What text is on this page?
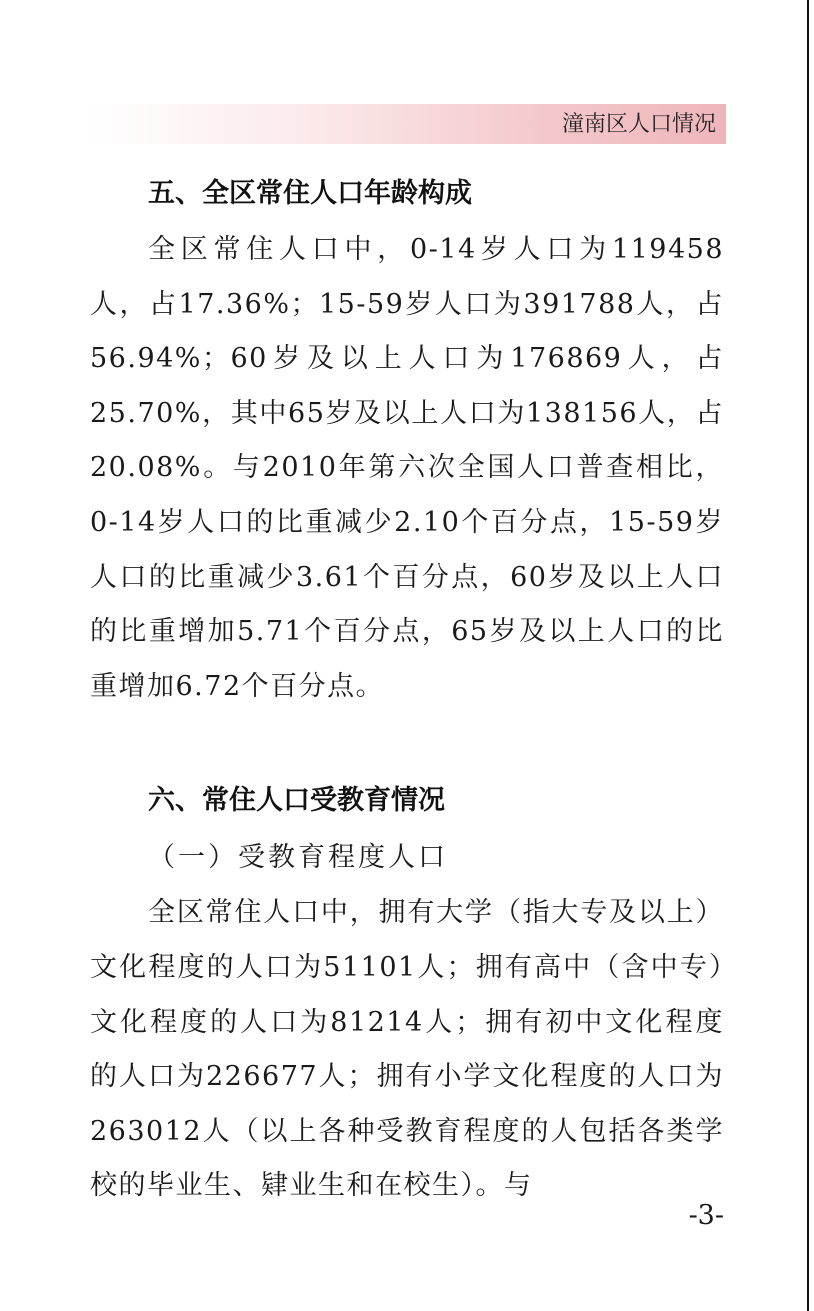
潼南区人口情况
五、全区常住人口年龄构成

全区常住人口中，0-14岁人口为119458人，占17.36%；15-59岁人口为391788人，占56.94%；60岁及以上人口为176869人，占25.70%，其中65岁及以上人口为138156人，占20.08%。与2010年第六次全国人口普查相比，0-14岁人口的比重减少2.10个百分点，15-59岁人口的比重减少3.61个百分点，60岁及以上人口的比重增加5.71个百分点，65岁及以上人口的比重增加6.72个百分点。

六、常住人口受教育情况
（一）受教育程度人口

全区常住人口中，拥有大学（指大专及以上）文化程度的人口为51101人；拥有高中（含中专）文化程度的人口为81214人；拥有初中文化程度的人口为226677人；拥有小学文化程度的人口为263012人（以上各种受教育程度的人包括各类学校的毕业生、肄业生和在校生）。与

-3-
